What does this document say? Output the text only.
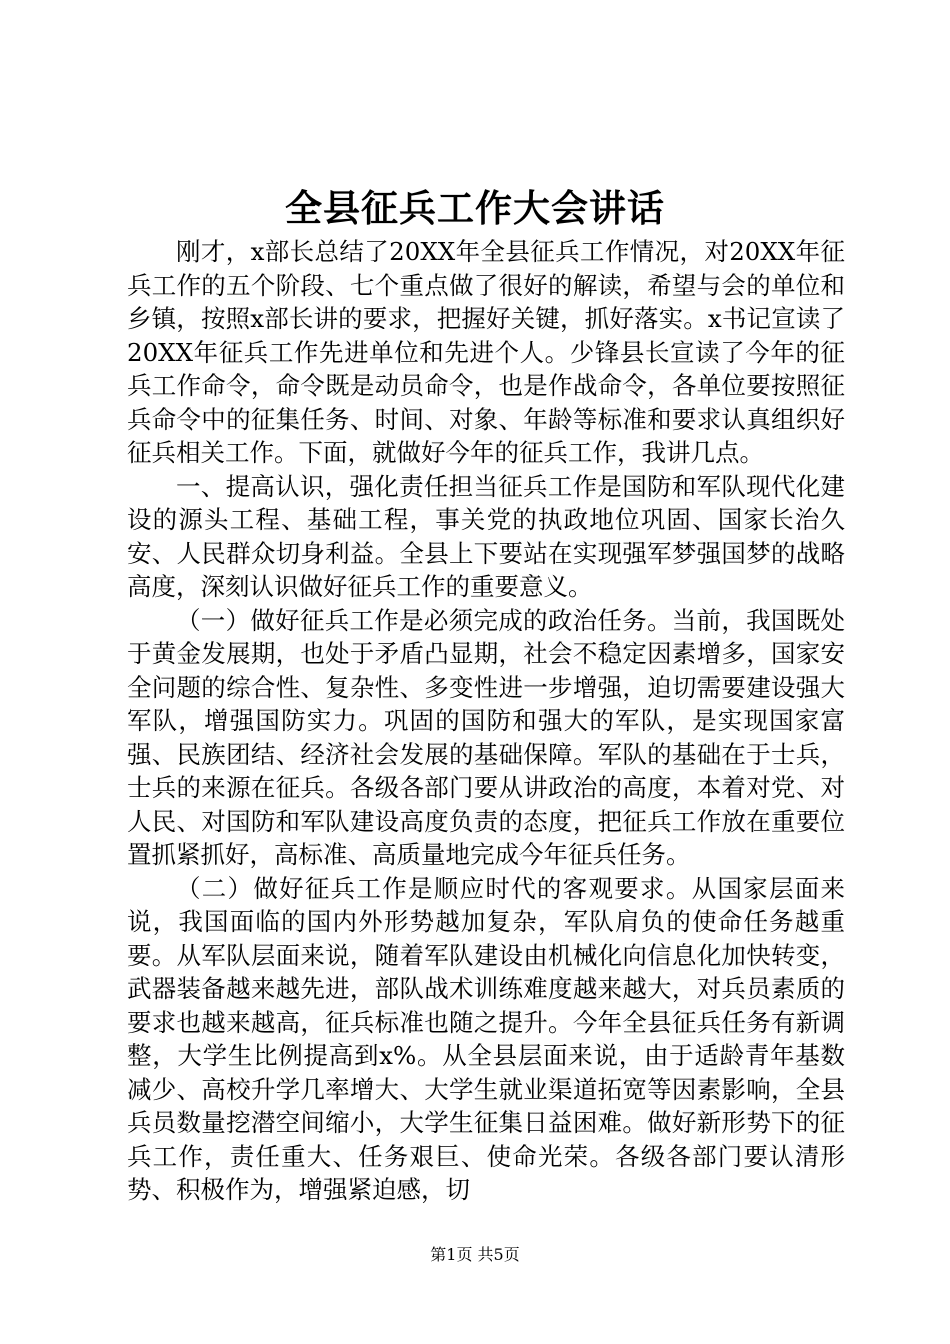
全县征兵工作大会讲话

刚才，x部长总结了20XX年全县征兵工作情况，对20XX年征兵工作的五个阶段、七个重点做了很好的解读，希望与会的单位和乡镇，按照x部长讲的要求，把握好关键，抓好落实。x书记宣读了20XX年征兵工作先进单位和先进个人。少锋县长宣读了今年的征兵工作命令，命令既是动员命令，也是作战命令，各单位要按照征兵命令中的征集任务、时间、对象、年龄等标准和要求认真组织好征兵相关工作。下面，就做好今年的征兵工作，我讲几点。

一、提高认识，强化责任担当征兵工作是国防和军队现代化建设的源头工程、基础工程，事关党的执政地位巩固、国家长治久安、人民群众切身利益。全县上下要站在实现强军梦强国梦的战略高度，深刻认识做好征兵工作的重要意义。

（一）做好征兵工作是必须完成的政治任务。当前，我国既处于黄金发展期，也处于矛盾凸显期，社会不稳定因素增多，国家安全问题的综合性、复杂性、多变性进一步增强，迫切需要建设强大军队，增强国防实力。巩固的国防和强大的军队，是实现国家富强、民族团结、经济社会发展的基础保障。军队的基础在于士兵，士兵的来源在征兵。各级各部门要从讲政治的高度，本着对党、对人民、对国防和军队建设高度负责的态度，把征兵工作放在重要位置抓紧抓好，高标准、高质量地完成今年征兵任务。

（二）做好征兵工作是顺应时代的客观要求。从国家层面来说，我国面临的国内外形势越加复杂，军队肩负的使命任务越重要。从军队层面来说，随着军队建设由机械化向信息化加快转变，武器装备越来越先进，部队战术训练难度越来越大，对兵员素质的要求也越来越高，征兵标准也随之提升。今年全县征兵任务有新调整，大学生比例提高到x%。从全县层面来说，由于适龄青年基数减少、高校升学几率增大、大学生就业渠道拓宽等因素影响，全县兵员数量挖潜空间缩小，大学生征集日益困难。做好新形势下的征兵工作，责任重大、任务艰巨、使命光荣。各级各部门要认清形势、积极作为，增强紧迫感，切

第1页 共5页
